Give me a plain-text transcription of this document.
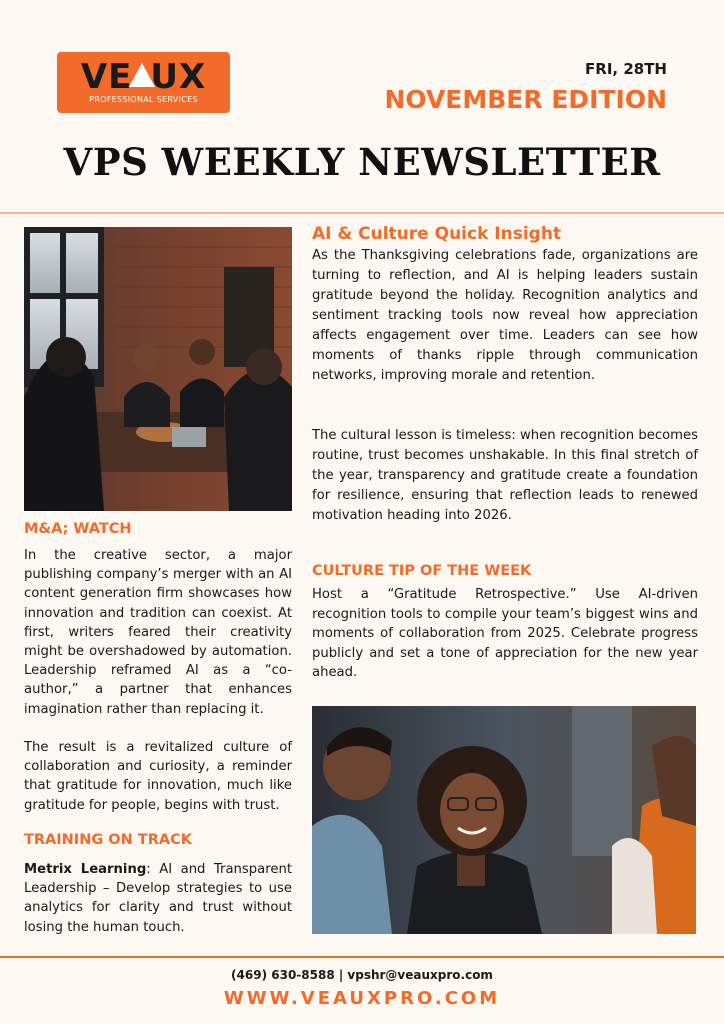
VE UX
PROFESSIONAL SERVICES
FRI, 28TH
NOVEMBER EDITION
VPS WEEKLY NEWSLETTER
M&A; WATCH
In the creative sector, a major publishing company’s merger with an AI content generation firm showcases how innovation and tradition can coexist. At first, writers feared their creativity might be overshadowed by automation. Leadership reframed AI as a “co-author,” a partner that enhances imagination rather than replacing it.
The result is a revitalized culture of collaboration and curiosity, a reminder that gratitude for innovation, much like gratitude for people, begins with trust.
TRAINING ON TRACK
Metrix Learning: AI and Transparent Leadership – Develop strategies to use analytics for clarity and trust without losing the human touch.
AI & Culture Quick Insight
As the Thanksgiving celebrations fade, organizations are turning to reflection, and AI is helping leaders sustain gratitude beyond the holiday. Recognition analytics and sentiment tracking tools now reveal how appreciation affects engagement over time. Leaders can see how moments of thanks ripple through communication networks, improving morale and retention.
The cultural lesson is timeless: when recognition becomes routine, trust becomes unshakable. In this final stretch of the year, transparency and gratitude create a foundation for resilience, ensuring that reflection leads to renewed motivation heading into 2026.
CULTURE TIP OF THE WEEK
Host a “Gratitude Retrospective.” Use AI-driven recognition tools to compile your team’s biggest wins and moments of collaboration from 2025. Celebrate progress publicly and set a tone of appreciation for the new year ahead.
(469) 630-8588 | vpshr@veauxpro.com
WWW.VEAUXPRO.COM
